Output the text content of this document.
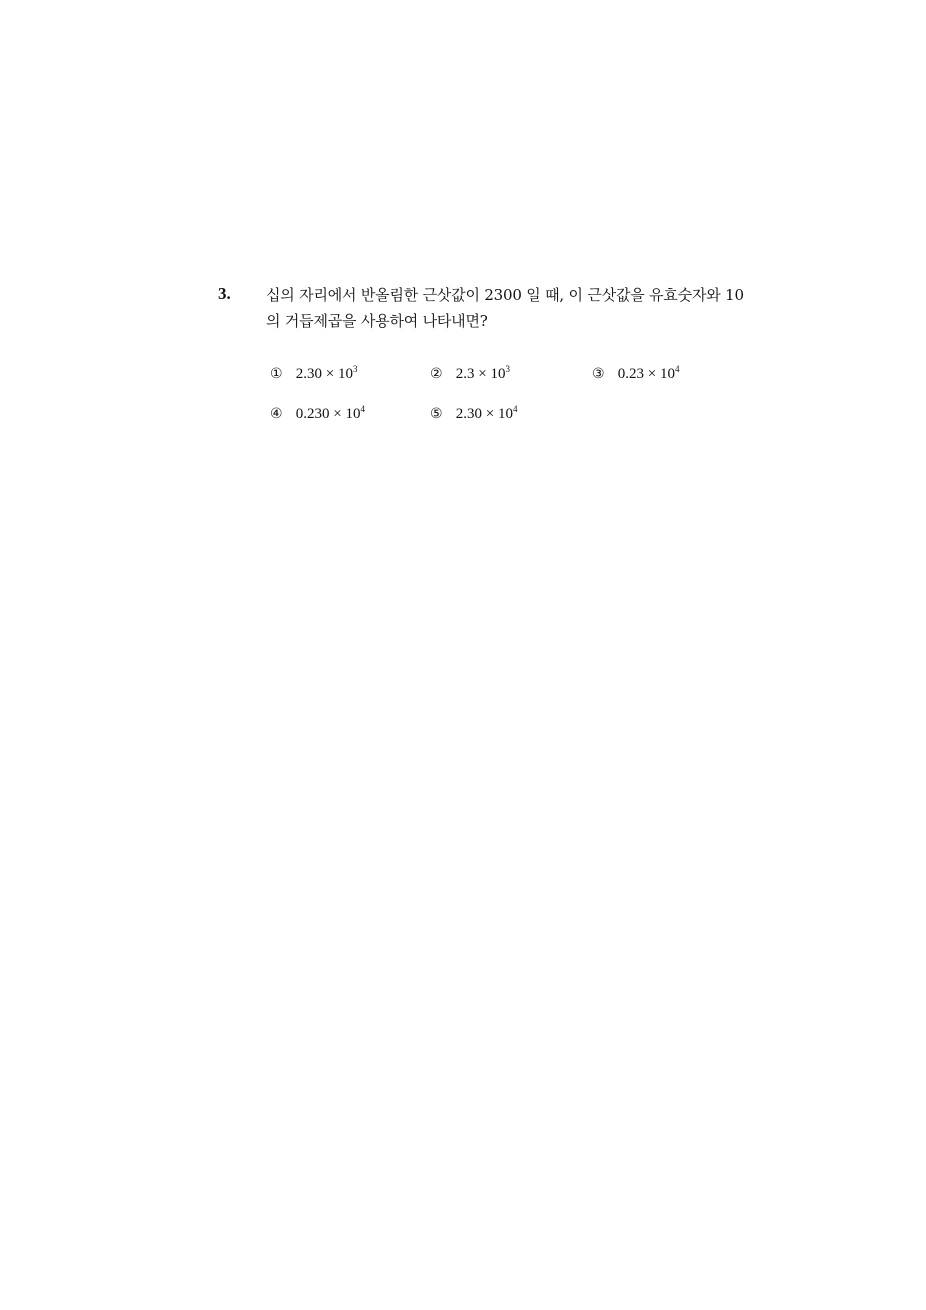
3. 십의 자리에서 반올림한 근삿값이 2300 일 때, 이 근삿값을 유효숫자와 10
의 거듭제곱을 사용하여 나타내면?
① $2.30 \times 10^3$	② $2.3 \times 10^3$	③ $0.23 \times 10^4$
④ $0.230 \times 10^4$	⑤ $2.30 \times 10^4$
